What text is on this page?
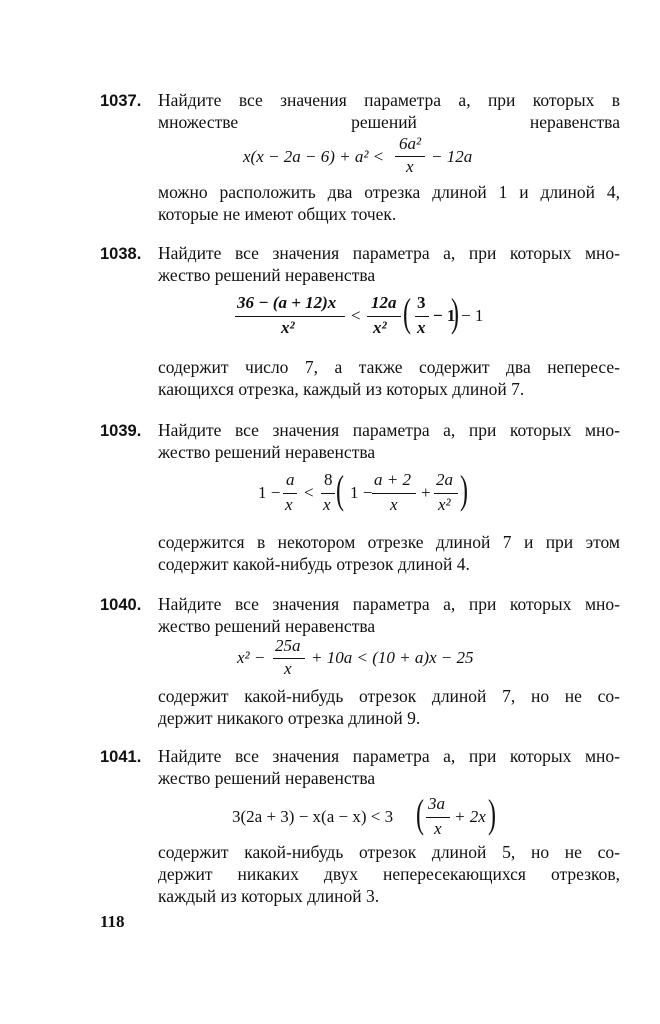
1037. Найдите все значения параметра a, при которых в
множестве решений неравенства
x(x − 2a − 6) + a² <
6a²
x
− 12a
можно расположить два отрезка длиной 1 и длиной 4,
которые не имеют общих точек.
1038. Найдите все значения параметра a, при которых мно-
жество решений неравенства
36 − (a + 12)x
x²
<
12a
x² ( 3
x
− 1
) − 1
содержит число 7, а также содержит два непересе-
кающихся отрезка, каждый из которых длиной 7.
1039. Найдите все значения параметра a, при которых мно-
жество решений неравенства
1 −
a
x
<
8
x ( 1 −
a + 2
x
+
2a
x² )
содержится в некотором отрезке длиной 7 и при этом
содержит какой-нибудь отрезок длиной 4.
1040. Найдите все значения параметра a, при которых мно-
жество решений неравенства
x² −
25a
x
+ 10a < (10 + a)x − 25
содержит какой-нибудь отрезок длиной 7, но не со-
держит никакого отрезка длиной 9.
1041. Найдите все значения параметра a, при которых мно-
жество решений неравенства
3(2a + 3) − x(a − x) < 3 ( 3a
x
+ 2x )
содержит какой-нибудь отрезок длиной 5, но не со-
держит никаких двух непересекающихся отрезков,
каждый из которых длиной 3.
118
